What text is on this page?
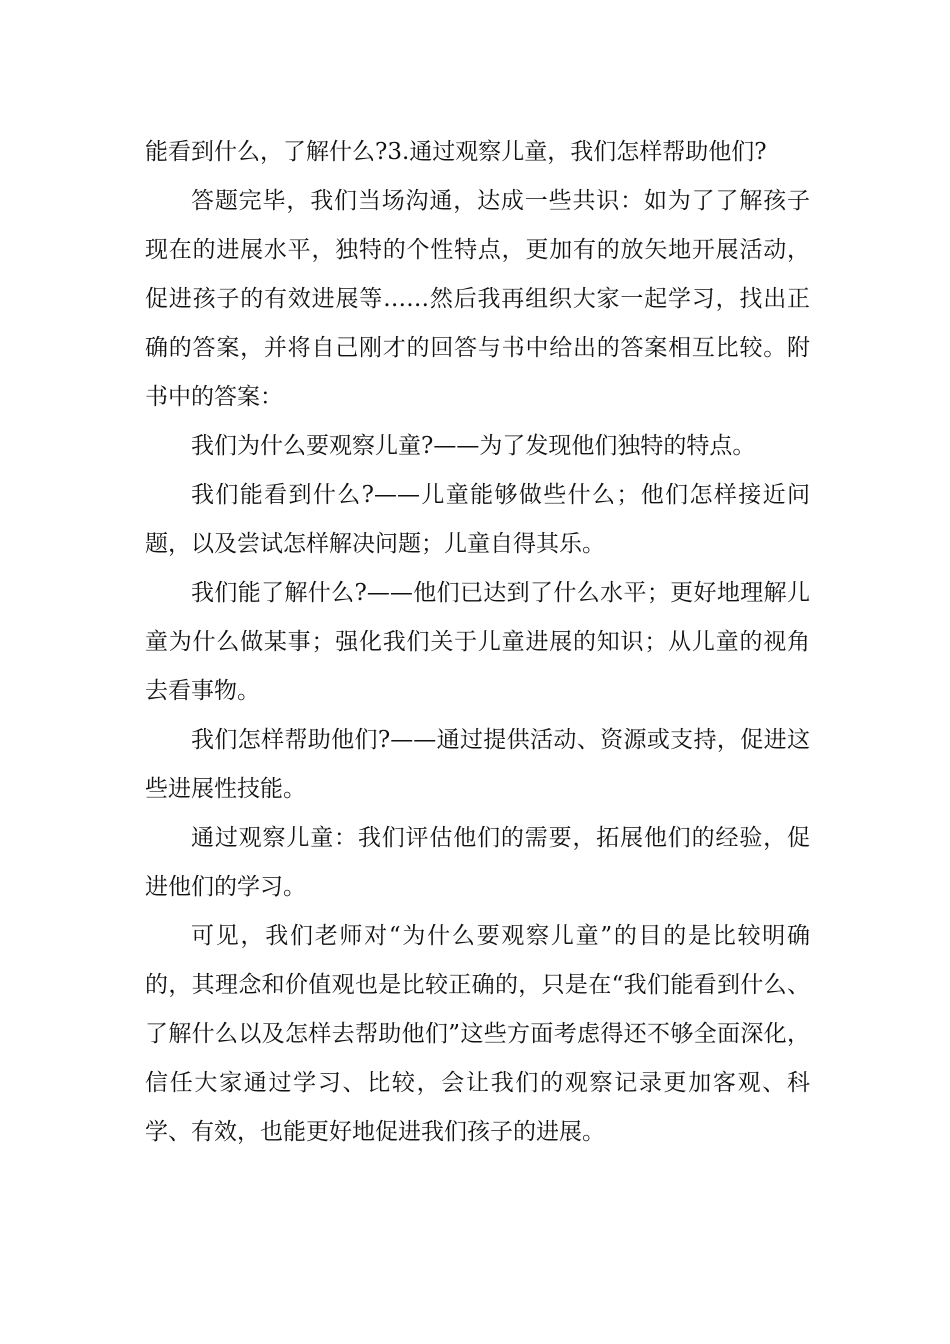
能看到什么，了解什么?3.通过观察儿童，我们怎样帮助他们?

答题完毕，我们当场沟通，达成一些共识：如为了了解孩子现在的进展水平，独特的个性特点，更加有的放矢地开展活动，促进孩子的有效进展等……然后我再组织大家一起学习，找出正确的答案，并将自己刚才的回答与书中给出的答案相互比较。附书中的答案：

我们为什么要观察儿童?——为了发现他们独特的特点。

我们能看到什么?——儿童能够做些什么；他们怎样接近问题，以及尝试怎样解决问题；儿童自得其乐。

我们能了解什么?——他们已达到了什么水平；更好地理解儿童为什么做某事；强化我们关于儿童进展的知识；从儿童的视角去看事物。

我们怎样帮助他们?——通过提供活动、资源或支持，促进这些进展性技能。

通过观察儿童：我们评估他们的需要，拓展他们的经验，促进他们的学习。

可见，我们老师对“为什么要观察儿童”的目的是比较明确的，其理念和价值观也是比较正确的，只是在“我们能看到什么、了解什么以及怎样去帮助他们”这些方面考虑得还不够全面深化，信任大家通过学习、比较，会让我们的观察记录更加客观、科学、有效，也能更好地促进我们孩子的进展。
